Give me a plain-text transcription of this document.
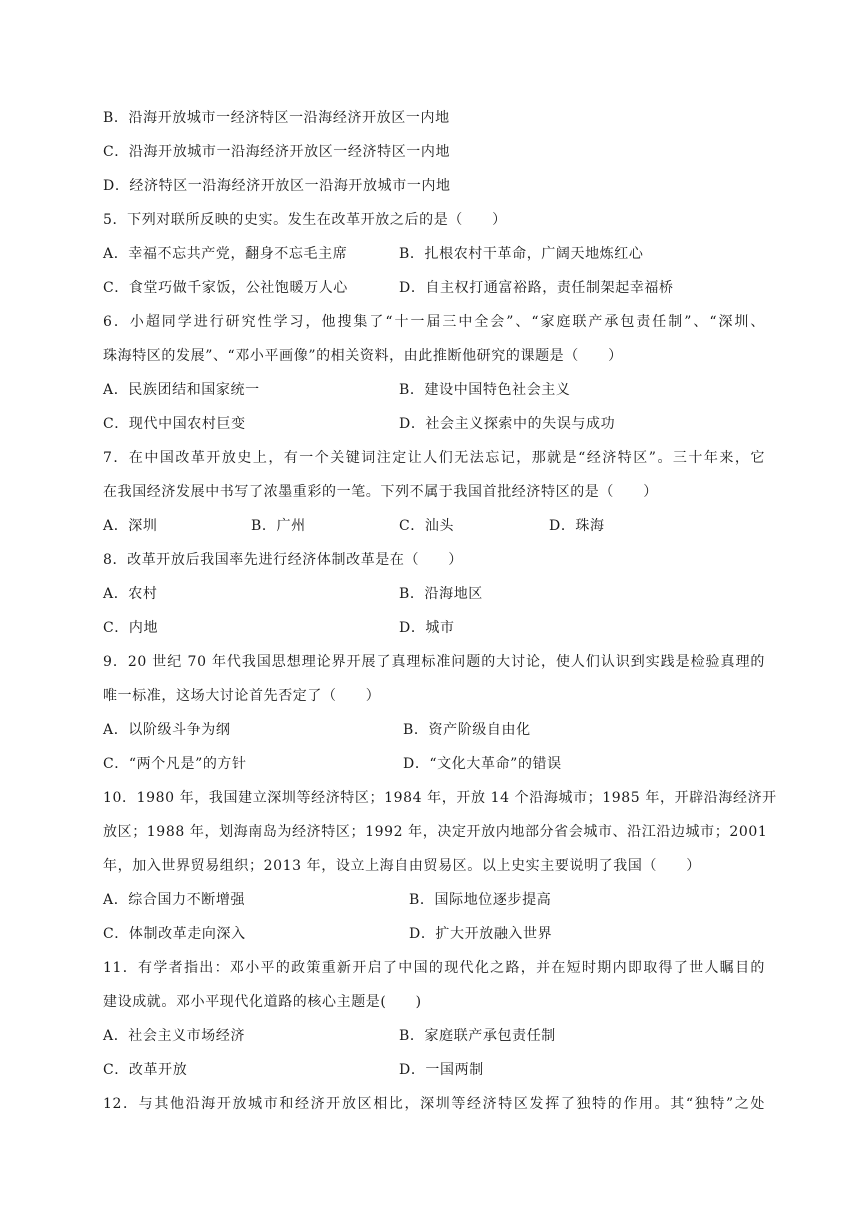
B．沿海开放城市一经济特区一沿海经济开放区一内地
C．沿海开放城市一沿海经济开放区一经济特区一内地
D．经济特区一沿海经济开放区一沿海开放城市一内地
5．下列对联所反映的史实。发生在改革开放之后的是（　　）
A．幸福不忘共产党，翻身不忘毛主席	B．扎根农村干革命，广阔天地炼红心
C．食堂巧做千家饭，公社饱暖万人心	D．自主权打通富裕路，责任制架起幸福桥
6．小超同学进行研究性学习，他搜集了“十一届三中全会”、“家庭联产承包责任制”、“深圳、
珠海特区的发展”、“邓小平画像”的相关资料，由此推断他研究的课题是（　　）
A．民族团结和国家统一	B．建设中国特色社会主义
C．现代中国农村巨变	D．社会主义探索中的失误与成功
7．在中国改革开放史上，有一个关键词注定让人们无法忘记，那就是“经济特区”。三十年来，它
在我国经济发展中书写了浓墨重彩的一笔。下列不属于我国首批经济特区的是（　　）
A．深圳	B．广州	C．汕头	D．珠海
8．改革开放后我国率先进行经济体制改革是在（　　）
A．农村	B．沿海地区
C．内地	D．城市
9．20 世纪 70 年代我国思想理论界开展了真理标准问题的大讨论，使人们认识到实践是检验真理的
唯一标准，这场大讨论首先否定了（　　）
A．以阶级斗争为纲	B．资产阶级自由化
C．“两个凡是”的方针	D．“文化大革命”的错误
10．1980 年，我国建立深圳等经济特区；1984 年，开放 14 个沿海城市；1985 年，开辟沿海经济开
放区；1988 年，划海南岛为经济特区；1992 年，决定开放内地部分省会城市、沿江沿边城市；2001
年，加入世界贸易组织；2013 年，设立上海自由贸易区。以上史实主要说明了我国（　　）
A．综合国力不断增强	B．国际地位逐步提高
C．体制改革走向深入	D．扩大开放融入世界
11．有学者指出：邓小平的政策重新开启了中国的现代化之路，并在短时期内即取得了世人瞩目的
建设成就。邓小平现代化道路的核心主题是(　　)
A．社会主义市场经济	B．家庭联产承包责任制
C．改革开放	D．一国两制
12．与其他沿海开放城市和经济开放区相比，深圳等经济特区发挥了独特的作用。其“独特”之处
